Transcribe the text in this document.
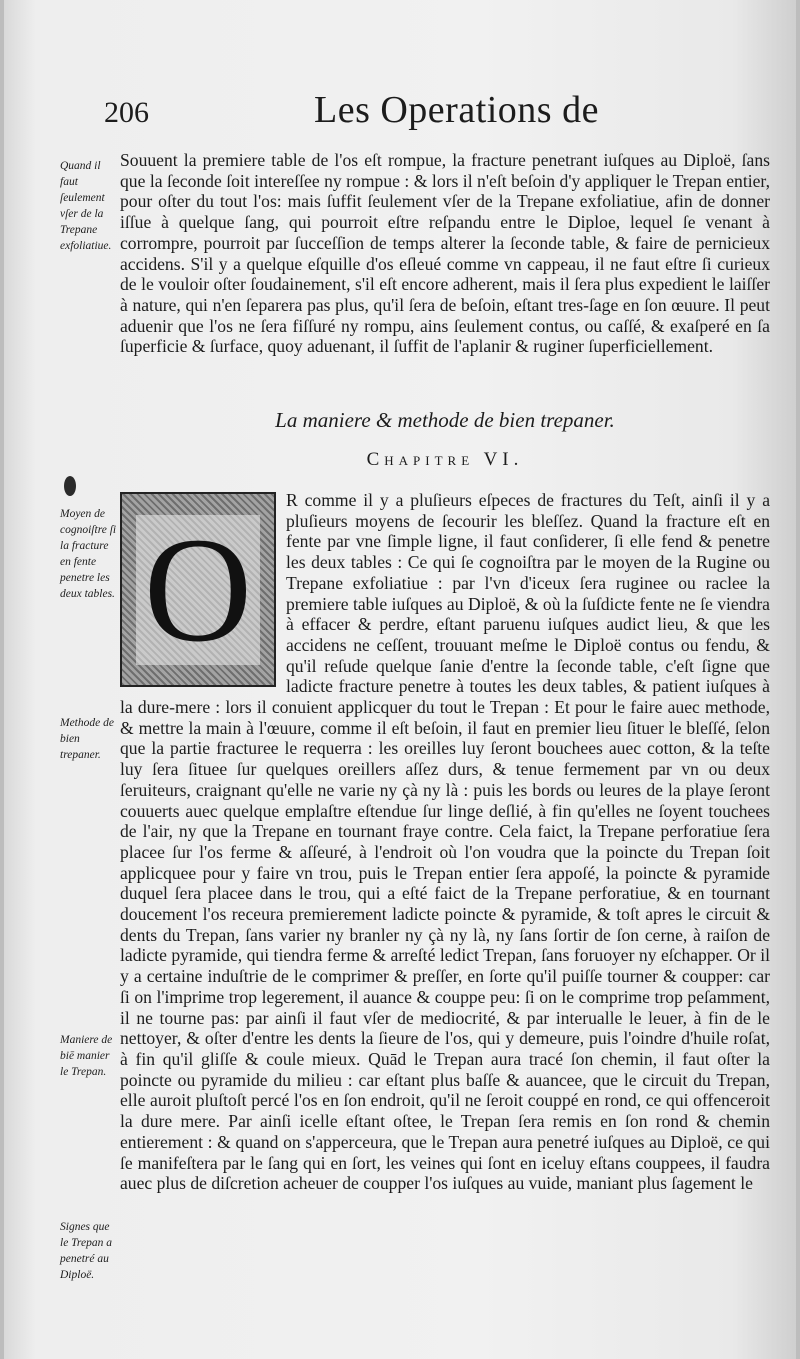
206	Les Operations de

Quand il faut ſeulement vſer de la Trepane exfoliatiue.

Moyen de cognoiſtre ſi la fracture en fente penetre les deux tables.

Methode de bien trepaner.

Maniere de biē manier le Trepan.

Signes que le Trepan a penetré au Diploë.

Souuent la premiere table de l'os eſt rompue, la fracture penetrant iuſques au Diploë, ſans que la ſeconde ſoit intereſſee ny rompue : & lors il n'eſt beſoin d'y appliquer le Trepan entier, pour oſter du tout l'os: mais ſuffit ſeulement vſer de la Trepane exfoliatiue, afin de donner iſſue à quelque ſang, qui pourroit eſtre reſpandu entre le Diploe, lequel ſe venant à corrompre, pourroit par ſucceſſion de temps alterer la ſeconde table, & faire de pernicieux accidens. S'il y a quelque eſquille d'os eſleué comme vn cappeau, il ne faut eſtre ſi curieux de le vouloir oſter ſoudainement, s'il eſt encore adherent, mais il ſera plus expedient le laiſſer à nature, qui n'en ſeparera pas plus, qu'il ſera de beſoin, eſtant tres-ſage en ſon œuure. Il peut aduenir que l'os ne ſera fiſſuré ny rompu, ains ſeulement contus, ou caſſé, & exaſperé en ſa ſuperficie & ſurface, quoy aduenant, il ſuffit de l'aplanir & ruginer ſuperficiellement.

La maniere & methode de bien trepaner.
Chapitre VI.
O
R comme il y a pluſieurs eſpeces de fractures du Teſt, ainſi il y a pluſieurs moyens de ſecourir les bleſſez. Quand la fracture eſt en fente par vne ſimple ligne, il faut conſiderer, ſi elle fend & penetre les deux tables : Ce qui ſe cognoiſtra par le moyen de la Rugine ou Trepane exfoliatiue : par l'vn d'iceux ſera ruginee ou raclee la premiere table iuſques au Diploë, & où la ſuſdicte fente ne ſe viendra à effacer & perdre, eſtant paruenu iuſques audict lieu, & que les accidens ne ceſſent, trouuant meſme le Diploë contus ou fendu, & qu'il reſude quelque ſanie d'entre la ſeconde table, c'eſt ſigne que ladicte fracture penetre à toutes les deux tables, & patient iuſques à la dure-mere : lors il conuient applicquer du tout le Trepan : Et pour le faire auec methode, & mettre la main à l'œuure, comme il eſt beſoin, il faut en premier lieu ſituer le bleſſé, ſelon que la partie fracturee le requerra : les oreilles luy ſeront bouchees auec cotton, & la teſte luy ſera ſituee ſur quelques oreillers aſſez durs, & tenue fermement par vn ou deux ſeruiteurs, craignant qu'elle ne varie ny çà ny là : puis les bords ou leures de la playe ſeront couuerts auec quelque emplaſtre eſtendue ſur linge deſlié, à fin qu'elles ne ſoyent touchees de l'air, ny que la Trepane en tournant fraye contre. Cela faict, la Trepane perforatiue ſera placee ſur l'os ferme & aſſeuré, à l'endroit où l'on voudra que la poincte du Trepan ſoit applicquee pour y faire vn trou, puis le Trepan entier ſera appoſé, la poincte & pyramide duquel ſera placee dans le trou, qui a eſté faict de la Trepane perforatiue, & en tournant doucement l'os receura premierement ladicte poincte & pyramide, & toſt apres le circuit & dents du Trepan, ſans varier ny branler ny çà ny là, ny ſans ſortir de ſon cerne, à raiſon de ladicte pyramide, qui tiendra ferme & arreſté ledict Trepan, ſans foruoyer ny eſchapper. Or il y a certaine induſtrie de le comprimer & preſſer, en ſorte qu'il puiſſe tourner & coupper: car ſi on l'imprime trop legerement, il auance & couppe peu: ſi on le comprime trop peſamment, il ne tourne pas: par ainſi il faut vſer de mediocrité, & par interualle le leuer, à fin de le nettoyer, & oſter d'entre les dents la ſieure de l'os, qui y demeure, puis l'oindre d'huile roſat, à fin qu'il gliſſe & coule mieux. Quād le Trepan aura tracé ſon chemin, il faut oſter la poincte ou pyramide du milieu : car eſtant plus baſſe & auancee, que le circuit du Trepan, elle auroit pluſtoſt percé l'os en ſon endroit, qu'il ne ſeroit couppé en rond, ce qui offenceroit la dure mere. Par ainſi icelle eſtant oſtee, le Trepan ſera remis en ſon rond & chemin entierement : & quand on s'apperceura, que le Trepan aura penetré iuſques au Diploë, ce qui ſe manifeſtera par le ſang qui en ſort, les veines qui ſont en iceluy eſtans couppees, il faudra auec plus de diſcretion acheuer de coupper l'os iuſques au vuide, maniant plus ſagement le
